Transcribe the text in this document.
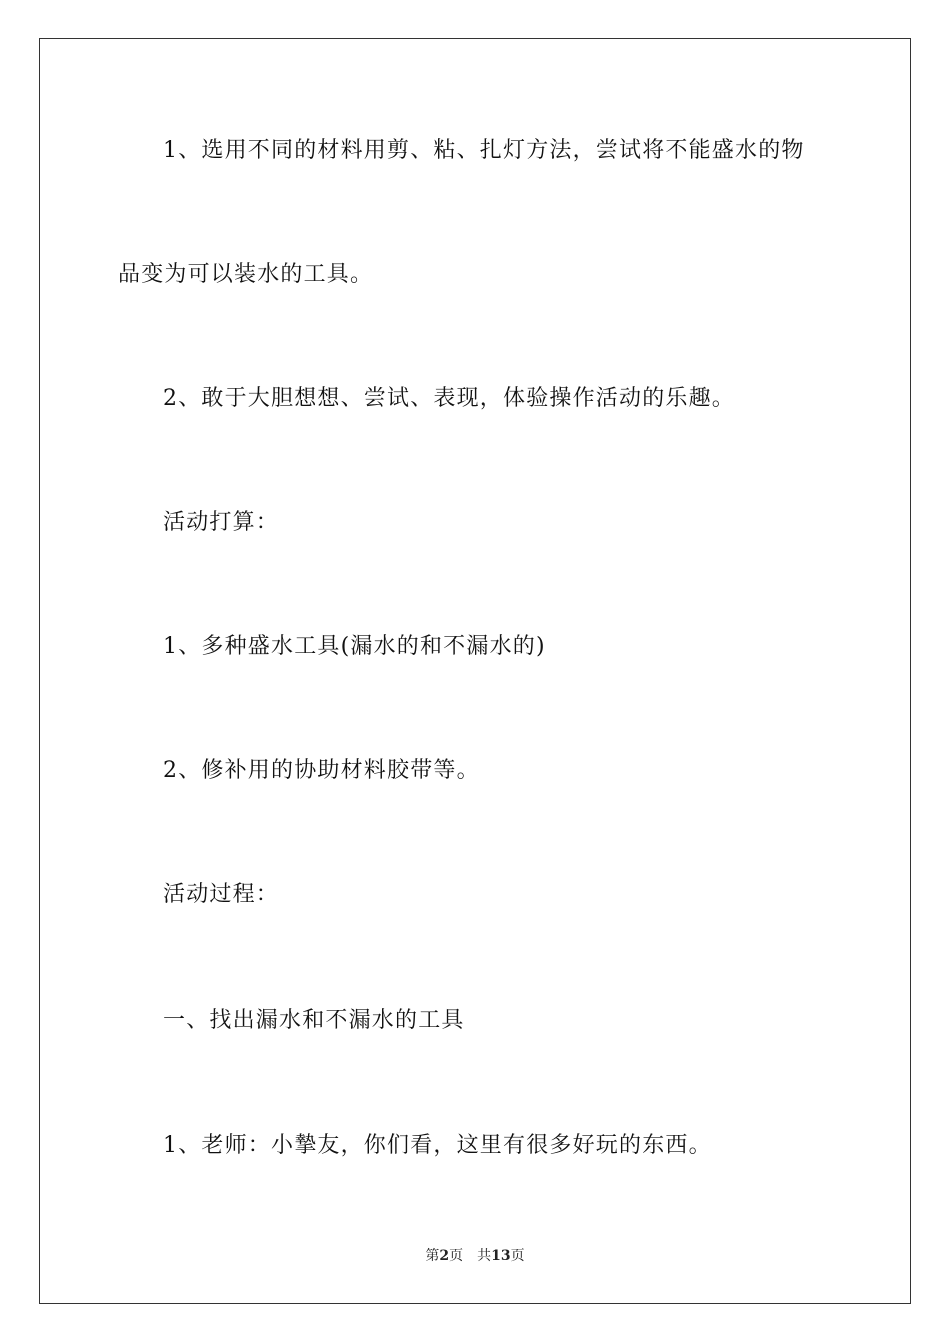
1、选用不同的材料用剪、粘、扎灯方法，尝试将不能盛水的物
品变为可以装水的工具。
2、敢于大胆想想、尝试、表现，体验操作活动的乐趣。
活动打算：
1、多种盛水工具(漏水的和不漏水的)
2、修补用的协助材料胶带等。
活动过程：
一、找出漏水和不漏水的工具
1、老师：小摯友，你们看，这里有很多好玩的东西。
第2页 共13页
